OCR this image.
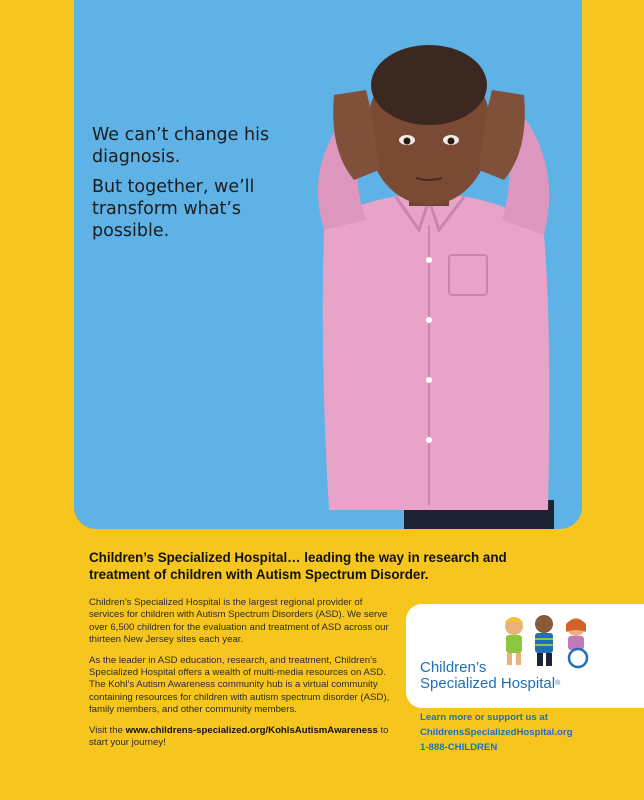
We can’t change his diagnosis.

But together, we’ll transform what’s possible.

Children’s Specialized Hospital… leading the way in research and treatment of children with Autism Spectrum Disorder.

Children’s Specialized Hospital is the largest regional provider of services for children with Autism Spectrum Disorders (ASD). We serve over 6,500 children for the evaluation and treatment of ASD across our thirteen New Jersey sites each year.

As the leader in ASD education, research, and treatment, Children’s Specialized Hospital offers a wealth of multi-media resources on ASD. The Kohl’s Autism Awareness community hub is a virtual community containing resources for children with autism spectrum disorder (ASD), family members, and other community members.

Visit the www.childrens-specialized.org/KohlsAutismAwareness to start your journey!

Children’s
Specialized Hospital®
Learn more or support us at
ChildrensSpecializedHospital.org
1-888-CHILDREN
